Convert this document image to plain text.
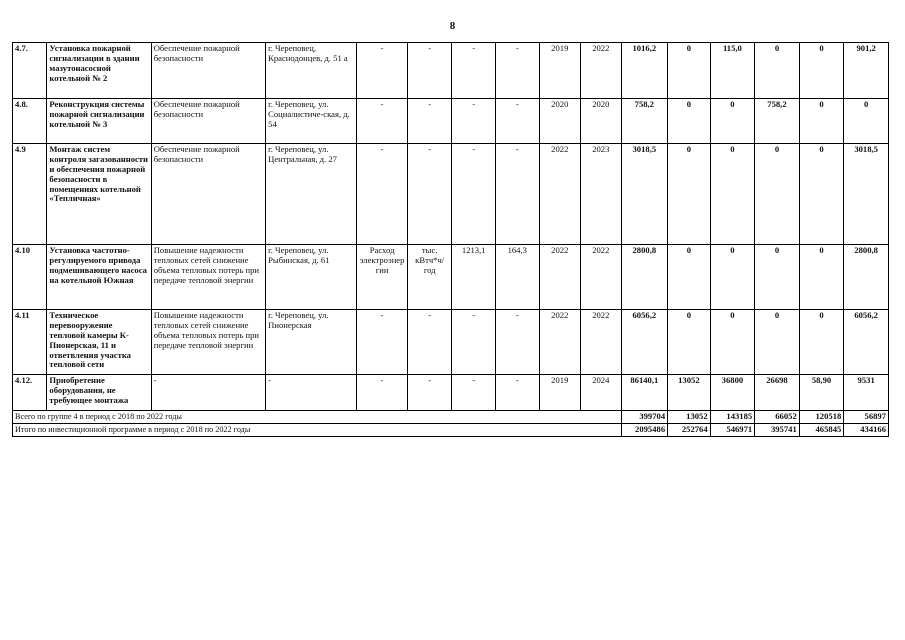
8
4.7.	Установка пожарной сигнализации в здании мазутонасосной котельной № 2	Обеспечение пожарной безопасности	г. Череповец, Краснодонцев, д. 51 а	-	-	-	-	2019	2022	1016,2	0	115,0	0	0	901,2
4.8.	Реконструкция системы пожарной сигнализации котельной № 3	Обеспечение пожарной безопасности	г. Череповец, ул. Социалистиче-ская, д. 54	-	-	-	-	2020	2020	758,2	0	0	758,2	0	0
4.9	Монтаж систем контроля загазованности и обеспечения пожарной безопасности в помещениях котельной «Тепличная»	Обеспечение пожарной безопасности	г. Череповец, ул. Центральная, д. 27	-	-	-	-	2022	2023	3018,5	0	0	0	0	3018,5
4.10	Установка частотно-регулируемого привода подмешивающего насоса на котельной Южная	Повышение надежности тепловых сетей снижение объема тепловых потерь при передаче тепловой энергии	г. Череповец, ул. Рыбинская, д. 61	Расход электроэнергии	тыс. кВтч*ч/год	1213,1	164,3	2022	2022	2800,8	0	0	0	0	2800,8
4.11	Техническое перевооружение тепловой камеры К-Пионерская, 11 и ответвления участка тепловой сети	Повышение надежности тепловых сетей снижение объема тепловых потерь при передаче тепловой энергии	г. Череповец, ул. Пионерская	-	-	-	-	2022	2022	6056,2	0	0	0	0	6056,2
4.12.	Приобретение оборудования, не требующее монтажа	-	-	-	-	-	-	2019	2024	86140,1	13052	36800	26698	58,90	9531
Всего по группе 4 в период с 2018 по 2022 годы										399704	13052	143185	66052	120518	56897
Итого по инвестиционной программе в период с 2018 по 2022 годы										2095486	252764	546971	395741	465845	434166
